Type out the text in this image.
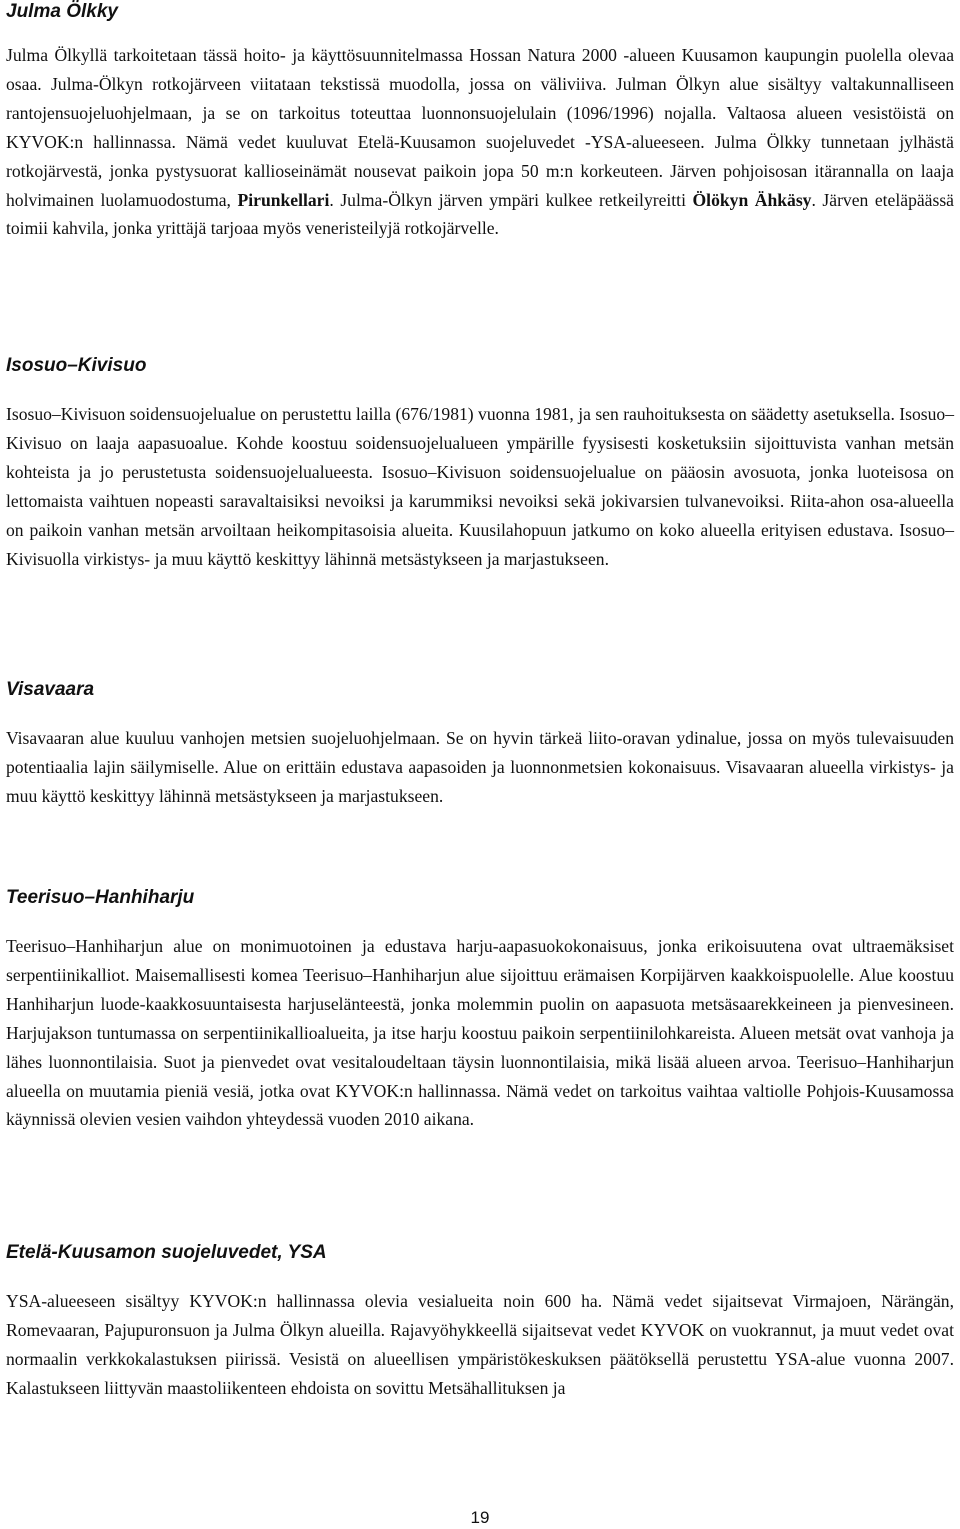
Julma Ölkky

Julma Ölkyllä tarkoitetaan tässä hoito- ja käyttösuunnitelmassa Hossan Natura 2000 -alueen Kuusamon kaupungin puolella olevaa osaa. Julma-Ölkyn rotkojärveen viitataan tekstissä muodolla, jossa on väliviiva. Julman Ölkyn alue sisältyy valtakunnalliseen rantojensuojeluohjelmaan, ja se on tarkoitus toteuttaa luonnonsuojelulain (1096/1996) nojalla. Valtaosa alueen vesistöistä on KYVOK:n hallinnassa. Nämä vedet kuuluvat Etelä-Kuusamon suojeluvedet -YSA-alueeseen. Julma Ölkky tunnetaan jylhästä rotkojärvestä, jonka pystysuorat kallioseinämät nousevat paikoin jopa 50 m:n korkeuteen. Järven pohjoisosan itärannalla on laaja holvimainen luolamuodostuma, Pirunkellari. Julma-Ölkyn järven ympäri kulkee retkeilyreitti Ölökyn Ähkäsy. Järven eteläpäässä toimii kahvila, jonka yrittäjä tarjoaa myös veneristeilyjä rotkojärvelle.

Isosuo–Kivisuo

Isosuo–Kivisuon soidensuojelualue on perustettu lailla (676/1981) vuonna 1981, ja sen rauhoituksesta on säädetty asetuksella. Isosuo–Kivisuo on laaja aapasuoalue. Kohde koostuu soidensuojelualueen ympärille fyysisesti kosketuksiin sijoittuvista vanhan metsän kohteista ja jo perustetusta soidensuojelualueesta. Isosuo–Kivisuon soidensuojelualue on pääosin avosuota, jonka luoteisosa on lettomaista vaihtuen nopeasti saravaltaisiksi nevoiksi ja karummiksi nevoiksi sekä jokivarsien tulvanevoiksi. Riita-ahon osa-alueella on paikoin vanhan metsän arvoiltaan heikompitasoisia alueita. Kuusilahopuun jatkumo on koko alueella erityisen edustava. Isosuo–Kivisuolla virkistys- ja muu käyttö keskittyy lähinnä metsästykseen ja marjastukseen.

Visavaara

Visavaaran alue kuuluu vanhojen metsien suojeluohjelmaan. Se on hyvin tärkeä liito-oravan ydinalue, jossa on myös tulevaisuuden potentiaalia lajin säilymiselle. Alue on erittäin edustava aapasoiden ja luonnonmetsien kokonaisuus. Visavaaran alueella virkistys- ja muu käyttö keskittyy lähinnä metsästykseen ja marjastukseen.

Teerisuo–Hanhiharju

Teerisuo–Hanhiharjun alue on monimuotoinen ja edustava harju-aapasuokokonaisuus, jonka erikoisuutena ovat ultraemäksiset serpentiinikalliot. Maisemallisesti komea Teerisuo–Hanhiharjun alue sijoittuu erämaisen Korpijärven kaakkoispuolelle. Alue koostuu Hanhiharjun luode-kaakkosuuntaisesta harjuselänteestä, jonka molemmin puolin on aapasuota metsäsaarekkeineen ja pienvesineen. Harjujakson tuntumassa on serpentiinikallioalueita, ja itse harju koostuu paikoin serpentiinilohkareista. Alueen metsät ovat vanhoja ja lähes luonnontilaisia. Suot ja pienvedet ovat vesitaloudeltaan täysin luonnontilaisia, mikä lisää alueen arvoa. Teerisuo–Hanhiharjun alueella on muutamia pieniä vesiä, jotka ovat KYVOK:n hallinnassa. Nämä vedet on tarkoitus vaihtaa valtiolle Pohjois-Kuusamossa käynnissä olevien vesien vaihdon yhteydessä vuoden 2010 aikana.

Etelä-Kuusamon suojeluvedet, YSA

YSA-alueeseen sisältyy KYVOK:n hallinnassa olevia vesialueita noin 600 ha. Nämä vedet sijaitsevat Virmajoen, Närängän, Romevaaran, Pajupuronsuon ja Julma Ölkyn alueilla. Rajavyöhykkeellä sijaitsevat vedet KYVOK on vuokrannut, ja muut vedet ovat normaalin verkkokalastuksen piirissä. Vesistä on alueellisen ympäristökeskuksen päätöksellä perustettu YSA-alue vuonna 2007. Kalastukseen liittyvän maastoliikenteen ehdoista on sovittu Metsähallituksen ja

19
